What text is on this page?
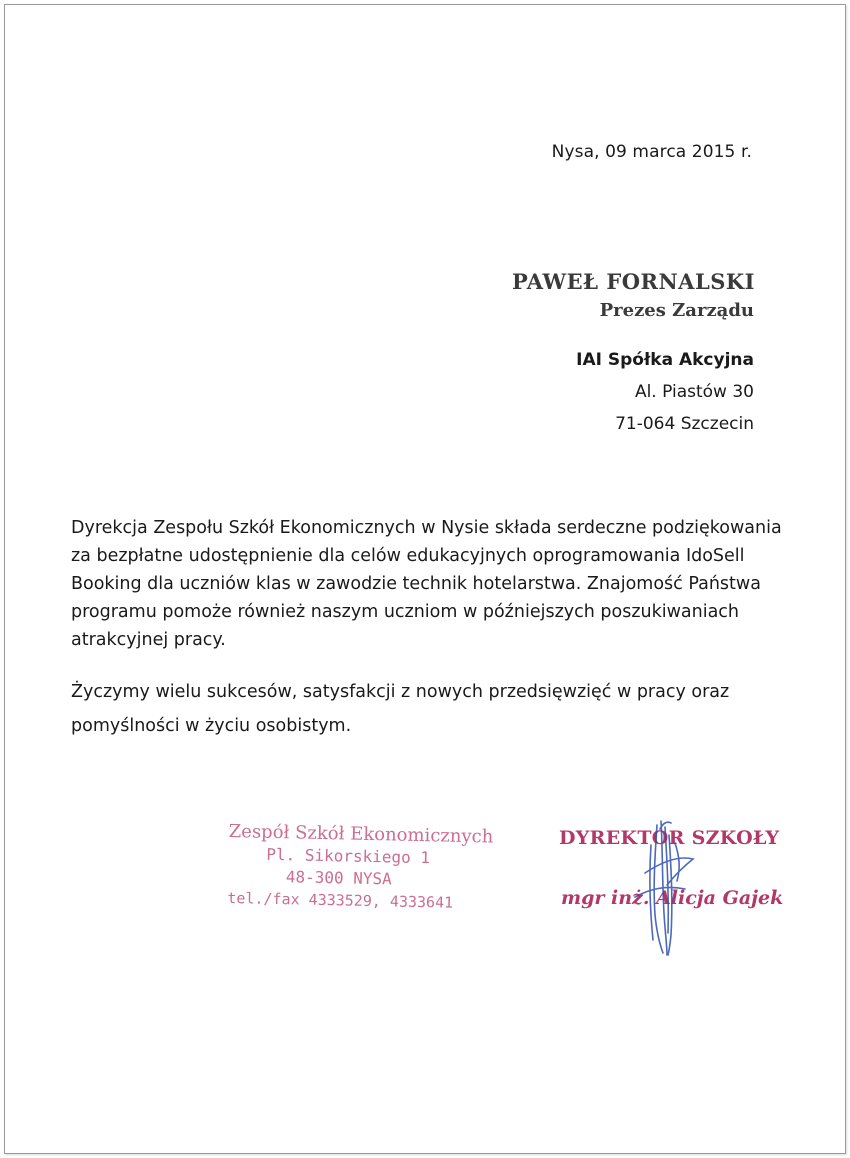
Nysa, 09 marca 2015 r.
PAWEŁ FORNALSKI
Prezes Zarządu
IAI Spółka Akcyjna
Al. Piastów 30
71-064 Szczecin
Dyrekcja Zespołu Szkół Ekonomicznych w Nysie składa serdeczne podziękowania
za bezpłatne udostępnienie dla celów edukacyjnych oprogramowania IdoSell
Booking dla uczniów klas w zawodzie technik hotelarstwa. Znajomość Państwa
programu pomoże również naszym uczniom w późniejszych poszukiwaniach
atrakcyjnej pracy.
Życzymy wielu sukcesów, satysfakcji z nowych przedsięwzięć w pracy oraz
pomyślności w życiu osobistym.
Zespół Szkół Ekonomicznych
Pl. Sikorskiego 1
48-300 NYSA
tel./fax 4333529, 4333641
DYREKTOR SZKOŁY
mgr inż. Alicja Gajek
